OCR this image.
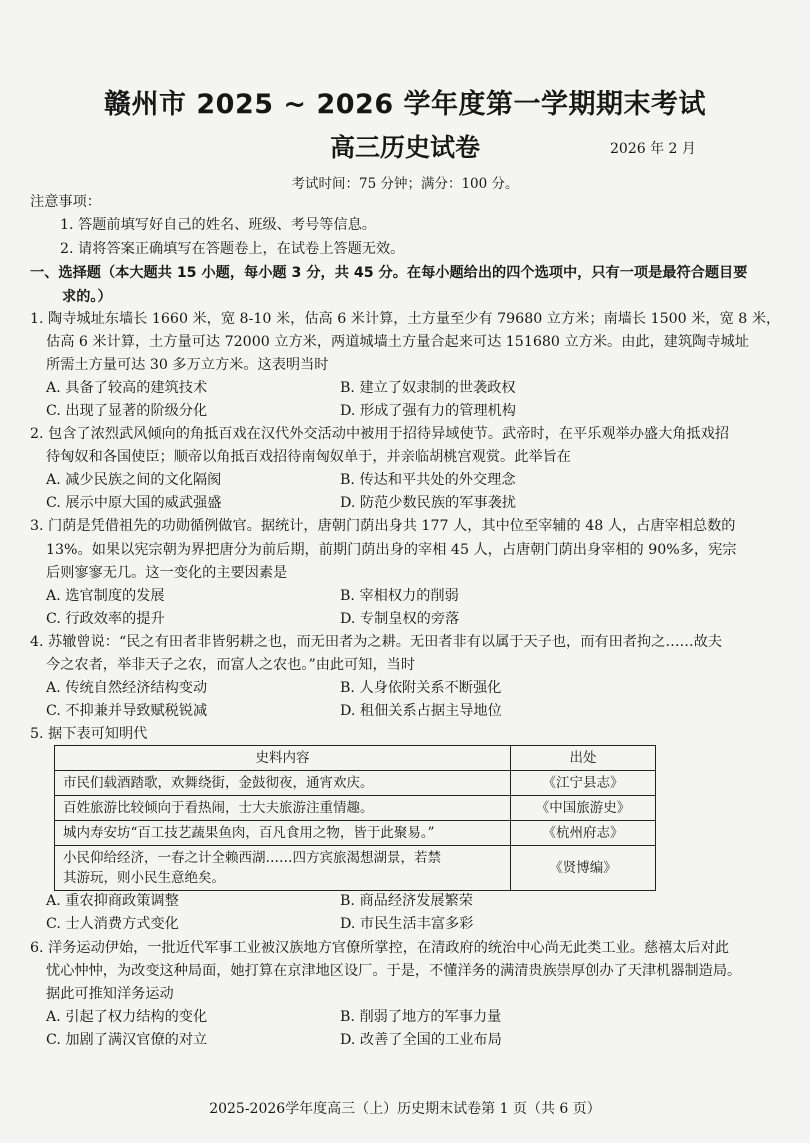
赣州市 2025 ~ 2026 学年度第一学期期末考试
高三历史试卷	2026 年 2 月
考试时间：75 分钟；满分：100 分。
注意事项：
1. 答题前填写好自己的姓名、班级、考号等信息。
2. 请将答案正确填写在答题卷上，在试卷上答题无效。
一、选择题（本大题共 15 小题，每小题 3 分，共 45 分。在每小题给出的四个选项中，只有一项是最符合题目要
求的。）
1. 陶寺城址东墙长 1660 米，宽 8-10 米，估高 6 米计算，土方量至少有 79680 立方米；南墙长 1500 米，宽 8 米，
估高 6 米计算，土方量可达 72000 立方米，两道城墙土方量合起来可达 151680 立方米。由此，建筑陶寺城址
所需土方量可达 30 多万立方米。这表明当时
A. 具备了较高的建筑技术	B. 建立了奴隶制的世袭政权
C. 出现了显著的阶级分化	D. 形成了强有力的管理机构
2. 包含了浓烈武风倾向的角抵百戏在汉代外交活动中被用于招待异域使节。武帝时，在平乐观举办盛大角抵戏招
待匈奴和各国使臣；顺帝以角抵百戏招待南匈奴单于，并亲临胡桃宫观赏。此举旨在
A. 减少民族之间的文化隔阂	B. 传达和平共处的外交理念
C. 展示中原大国的威武强盛	D. 防范少数民族的军事袭扰
3. 门荫是凭借祖先的功勋循例做官。据统计，唐朝门荫出身共 177 人，其中位至宰辅的 48 人，占唐宰相总数的
13%。如果以宪宗朝为界把唐分为前后期，前期门荫出身的宰相 45 人，占唐朝门荫出身宰相的 90%多，宪宗
后则寥寥无几。这一变化的主要因素是
A. 选官制度的发展	B. 宰相权力的削弱
C. 行政效率的提升	D. 专制皇权的旁落
4. 苏辙曾说：“民之有田者非皆躬耕之也，而无田者为之耕。无田者非有以属于天子也，而有田者拘之……故夫
今之农者，举非天子之农，而富人之农也。”由此可知，当时
A. 传统自然经济结构变动	B. 人身依附关系不断强化
C. 不抑兼并导致赋税锐减	D. 租佃关系占据主导地位
5. 据下表可知明代
史料内容	出处
市民们载酒踏歌，欢舞绕街，金鼓彻夜，通宵欢庆。	《江宁县志》
百姓旅游比较倾向于看热闹，士大夫旅游注重情趣。	《中国旅游史》
城内寿安坊“百工技艺蔬果鱼肉，百凡食用之物，皆于此聚易。”	《杭州府志》

小民仰给经济，一春之计全赖西湖……四方宾旅渴想湖景，若禁
其游玩，则小民生意绝矣。	《贤博编》
A. 重农抑商政策调整	B. 商品经济发展繁荣
C. 士人消费方式变化	D. 市民生活丰富多彩
6. 洋务运动伊始，一批近代军事工业被汉族地方官僚所掌控，在清政府的统治中心尚无此类工业。慈禧太后对此
忧心忡忡，为改变这种局面，她打算在京津地区设厂。于是，不懂洋务的满清贵族崇厚创办了天津机器制造局。
据此可推知洋务运动
A. 引起了权力结构的变化	B. 削弱了地方的军事力量
C. 加剧了满汉官僚的对立	D. 改善了全国的工业布局
2025-2026学年度高三（上）历史期末试卷第 1 页（共 6 页）
